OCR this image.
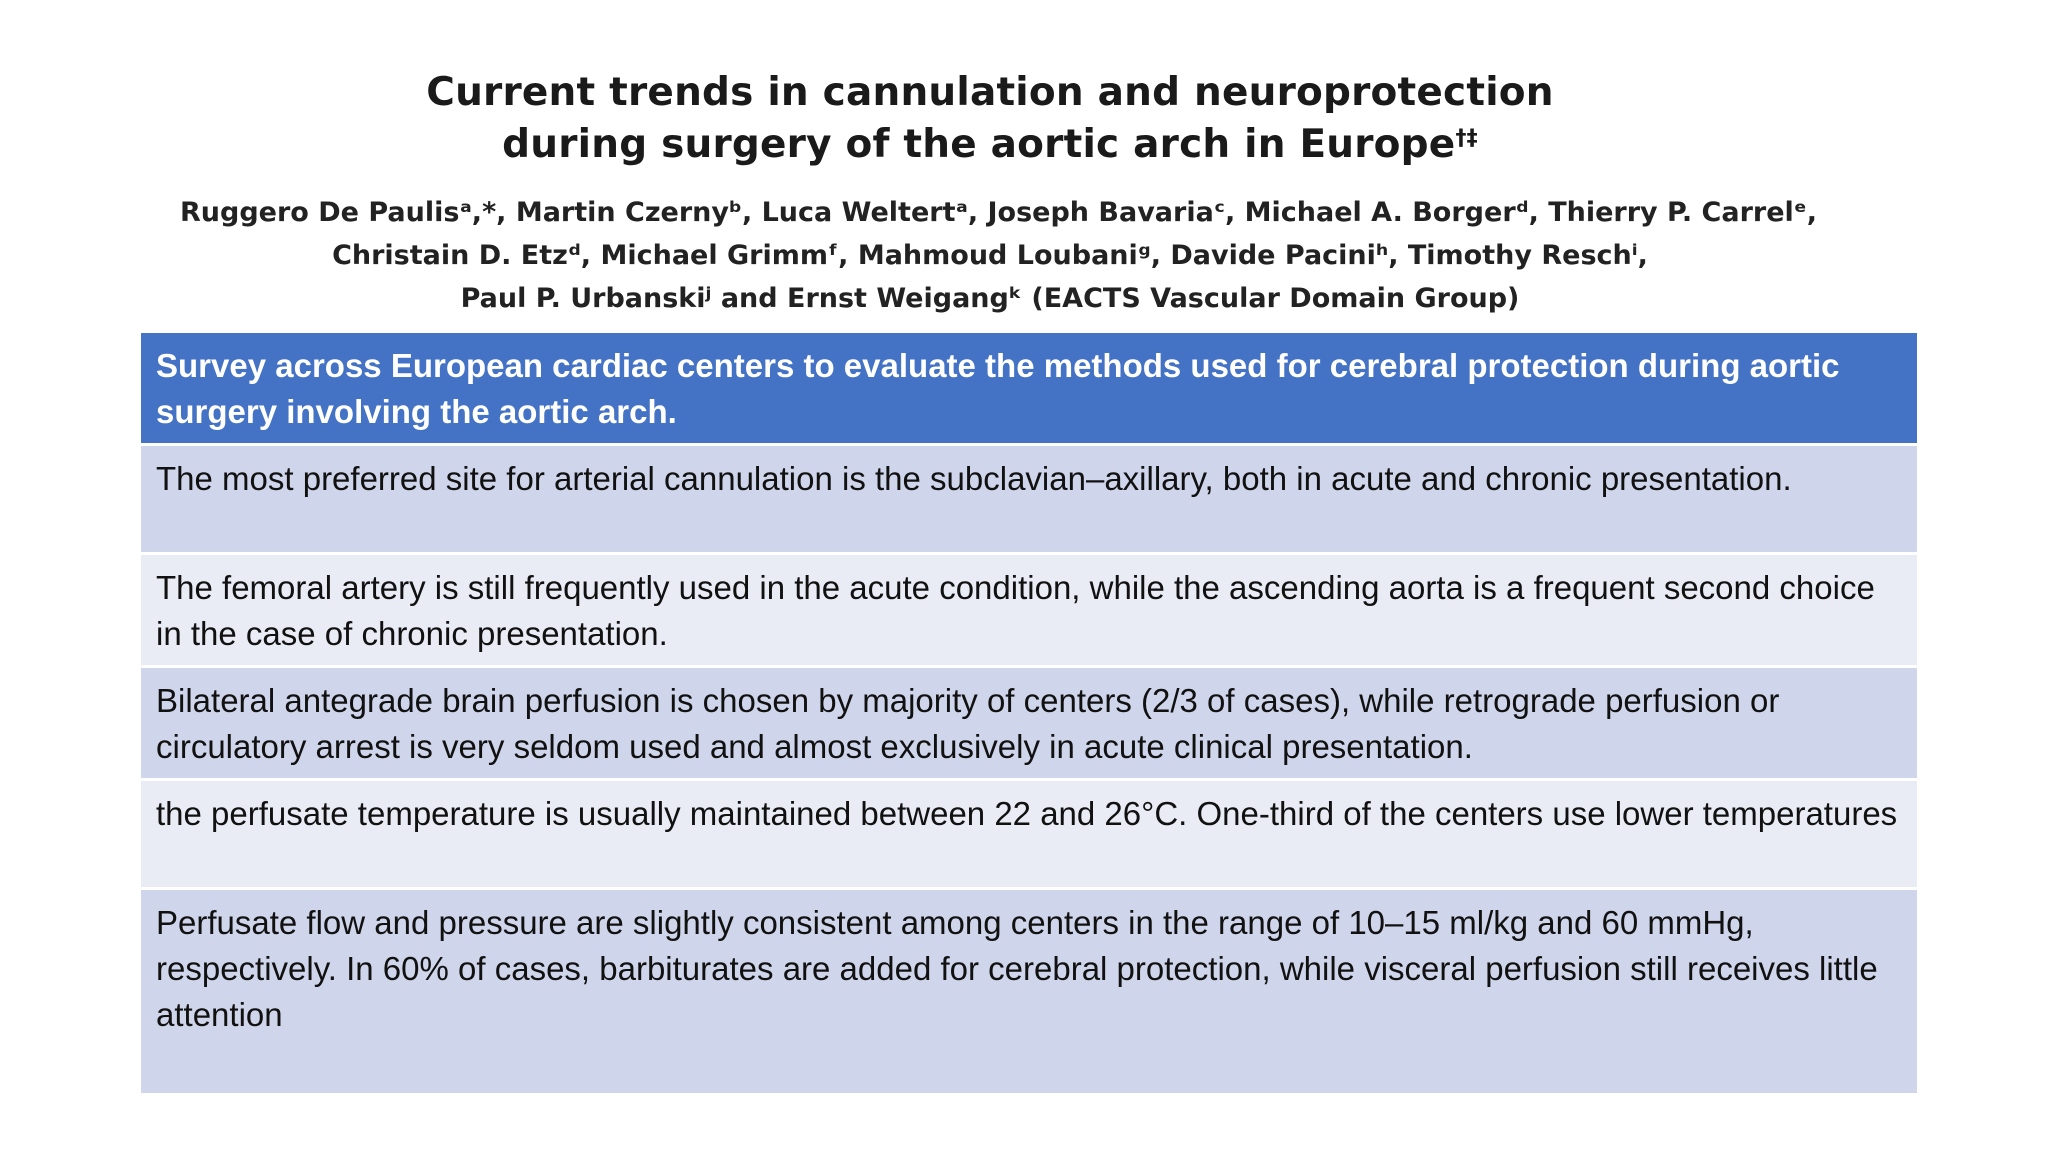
Current trends in cannulation and neuroprotection
during surgery of the aortic arch in Europe†‡
Ruggero De Paulisᵃ,*, Martin Czernyᵇ, Luca Weltertᵃ, Joseph Bavariaᶜ, Michael A. Borgerᵈ, Thierry P. Carrelᵉ,
Christain D. Etzᵈ, Michael Grimmᶠ, Mahmoud Loubaniᵍ, Davide Paciniʰ, Timothy Reschⁱ,
Paul P. Urbanskiʲ and Ernst Weigangᵏ (EACTS Vascular Domain Group)
Survey across European cardiac centers to evaluate the methods used for cerebral protection during aortic surgery involving the aortic arch.
The most preferred site for arterial cannulation is the subclavian–axillary, both in acute and chronic presentation.
The femoral artery is still frequently used in the acute condition, while the ascending aorta is a frequent second choice in the case of chronic presentation.
Bilateral antegrade brain perfusion is chosen by majority of centers (2/3 of cases), while retrograde perfusion or circulatory arrest is very seldom used and almost exclusively in acute clinical presentation.
the perfusate temperature is usually maintained between 22 and 26°C. One-third of the centers use lower temperatures
Perfusate flow and pressure are slightly consistent among centers in the range of 10–15 ml/kg and 60 mmHg, respectively. In 60% of cases, barbiturates are added for cerebral protection, while visceral perfusion still receives little attention
